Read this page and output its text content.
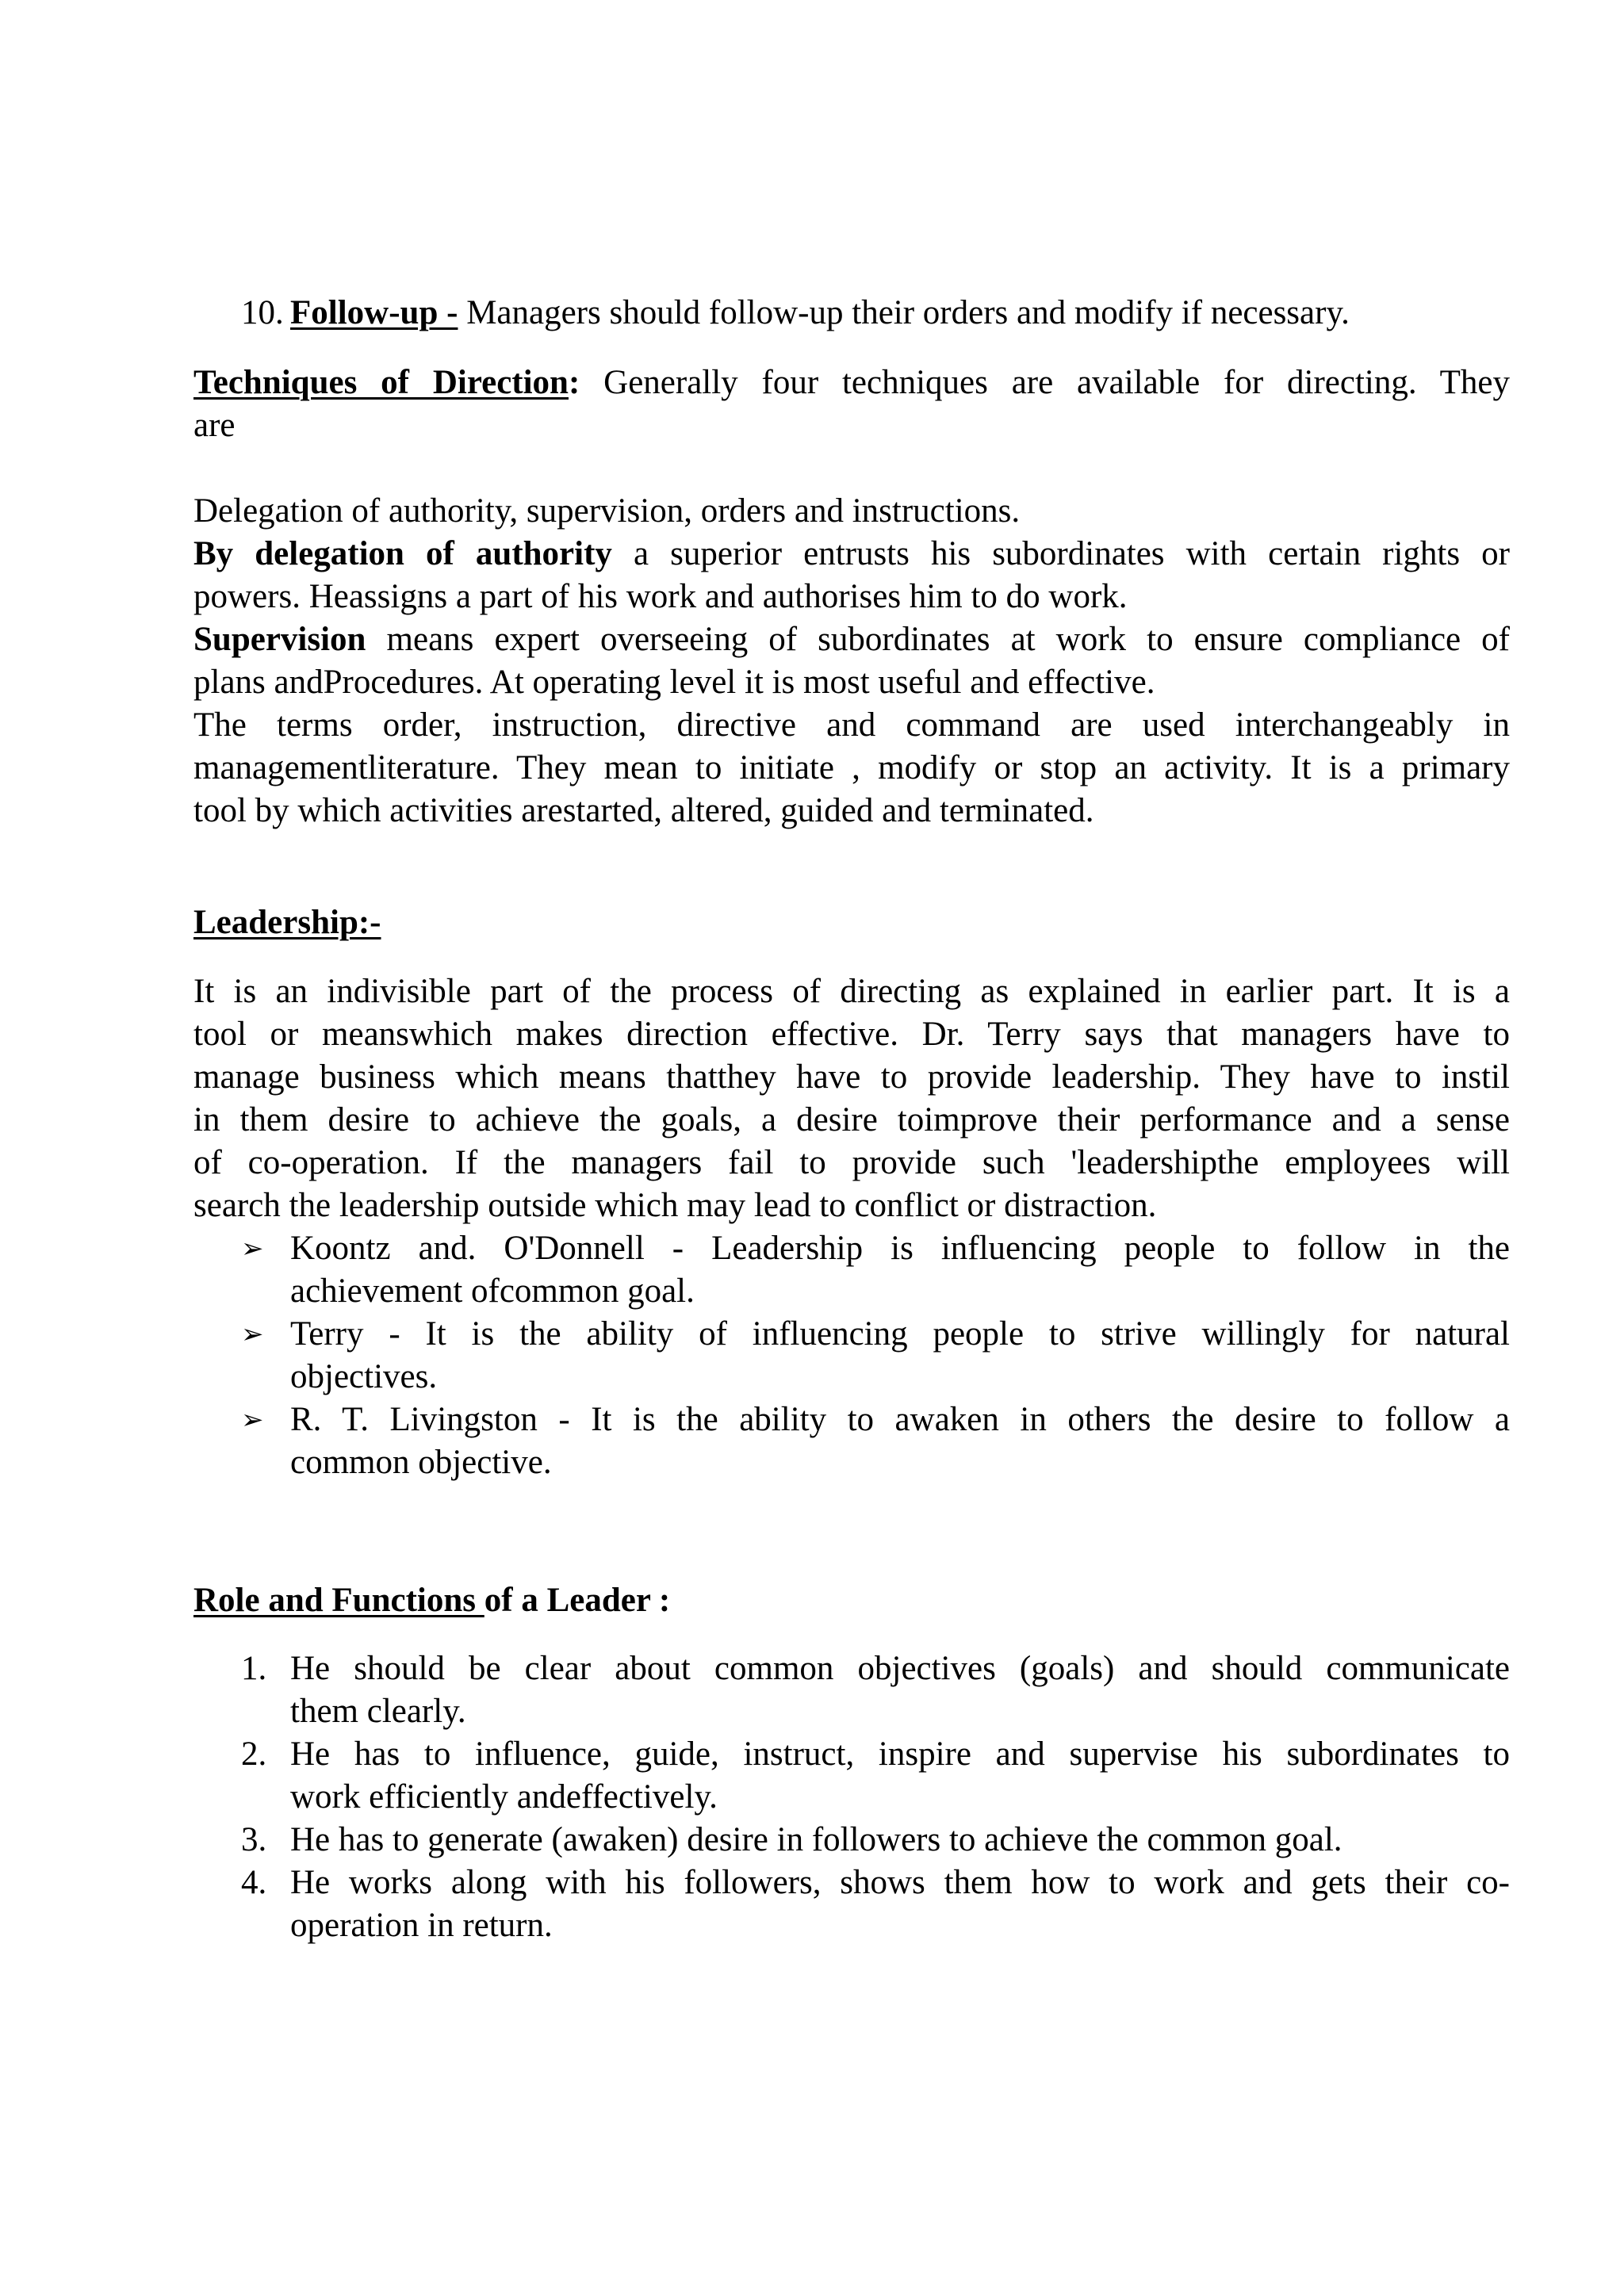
10. Follow-up - Managers should follow-up their orders and modify if necessary.
Techniques of Direction: Generally four techniques are available for directing. They
are
Delegation of authority, supervision, orders and instructions.
By delegation of authority a superior entrusts his subordinates with certain rights or
powers. Heassigns a part of his work and authorises him to do work.
Supervision means expert overseeing of subordinates at work to ensure compliance of
plans andProcedures. At operating level it is most useful and effective.
The terms order, instruction, directive and command are used interchangeably in
managementliterature. They mean to initiate , modify or stop an activity. It is a primary
tool by which activities arestarted, altered, guided and terminated.
Leadership:-
It is an indivisible part of the process of directing as explained in earlier part. It is a
tool or meanswhich makes direction effective. Dr. Terry says that managers have to
manage business which means thatthey have to provide leadership. They have to instil
in them desire to achieve the goals, a desire toimprove their performance and a sense
of co-operation. If the managers fail to provide such 'leadershipthe employees will
search the leadership outside which may lead to conflict or distraction.
➢ Koontz and. O'Donnell - Leadership is influencing people to follow in the
achievement ofcommon goal.
➢ Terry - It is the ability of influencing people to strive willingly for natural
objectives.
➢ R. T. Livingston - It is the ability to awaken in others the desire to follow a
common objective.
Role and Functions of a Leader :
1. He should be clear about common objectives (goals) and should communicate
them clearly.
2. He has to influence, guide, instruct, inspire and supervise his subordinates to
work efficiently andeffectively.
3. He has to generate (awaken) desire in followers to achieve the common goal.
4. He works along with his followers, shows them how to work and gets their co-
operation in return.
